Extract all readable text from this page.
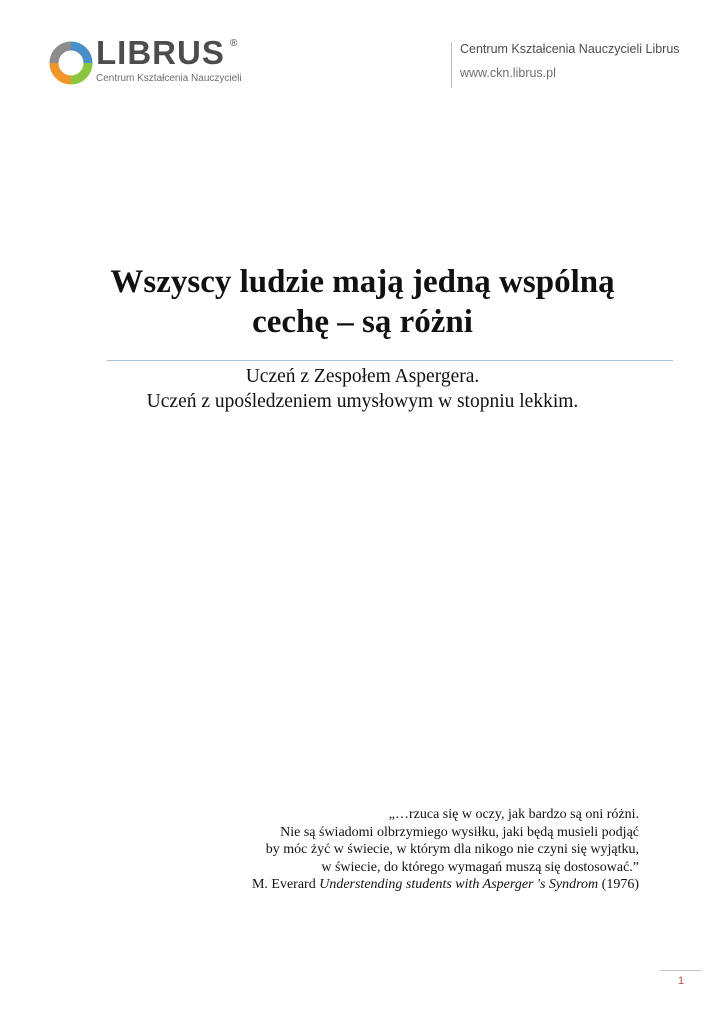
LIBRUS ®
Centrum Kształcenia Nauczycieli
Centrum Kształcenia Nauczycieli Librus
www.ckn.librus.pl
Wszyscy ludzie mają jedną wspólną
cechę – są różni
Uczeń z Zespołem Aspergera.
Uczeń z upośledzeniem umysłowym w stopniu lekkim.
„…rzuca się w oczy, jak bardzo są oni różni.
Nie są świadomi olbrzymiego wysiłku, jaki będą musieli podjąć
by móc żyć w świecie, w którym dla nikogo nie czyni się wyjątku,
w świecie, do którego wymagań muszą się dostosować.”
M. Everard Understending students with Asperger 's Syndrom (1976)
1
